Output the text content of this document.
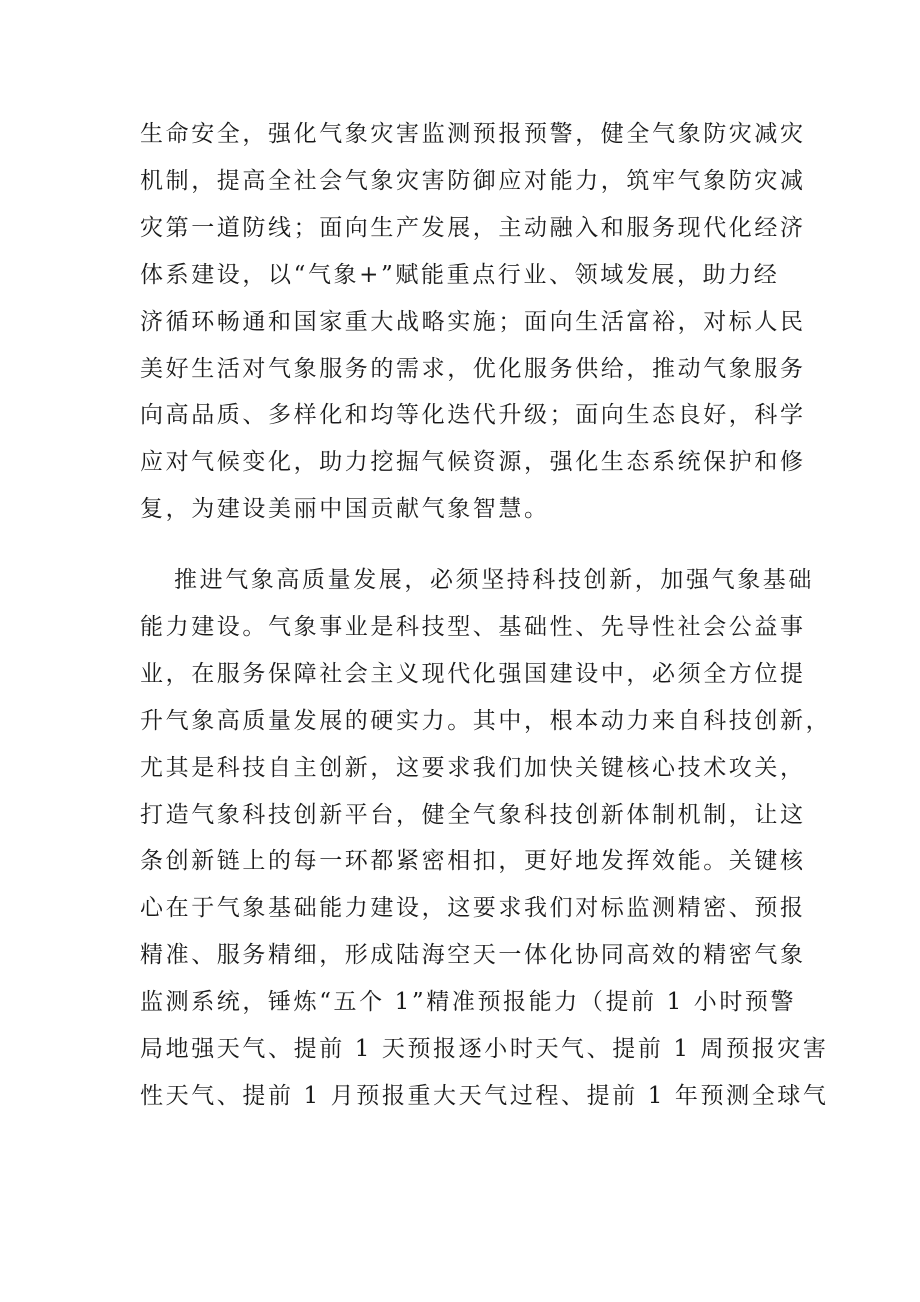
生命安全，强化气象灾害监测预报预警，健全气象防灾减灾
机制，提高全社会气象灾害防御应对能力，筑牢气象防灾减
灾第一道防线；面向生产发展，主动融入和服务现代化经济
体系建设，以“气象+”赋能重点行业、领域发展，助力经
济循环畅通和国家重大战略实施；面向生活富裕，对标人民
美好生活对气象服务的需求，优化服务供给，推动气象服务
向高品质、多样化和均等化迭代升级；面向生态良好，科学
应对气候变化，助力挖掘气候资源，强化生态系统保护和修
复，为建设美丽中国贡献气象智慧。
推进气象高质量发展，必须坚持科技创新，加强气象基础
能力建设。气象事业是科技型、基础性、先导性社会公益事
业，在服务保障社会主义现代化强国建设中，必须全方位提
升气象高质量发展的硬实力。其中，根本动力来自科技创新，
尤其是科技自主创新，这要求我们加快关键核心技术攻关，
打造气象科技创新平台，健全气象科技创新体制机制，让这
条创新链上的每一环都紧密相扣，更好地发挥效能。关键核
心在于气象基础能力建设，这要求我们对标监测精密、预报
精准、服务精细，形成陆海空天一体化协同高效的精密气象
监测系统，锤炼“五个 1”精准预报能力（提前 1 小时预警
局地强天气、提前 1 天预报逐小时天气、提前 1 周预报灾害
性天气、提前 1 月预报重大天气过程、提前 1 年预测全球气
